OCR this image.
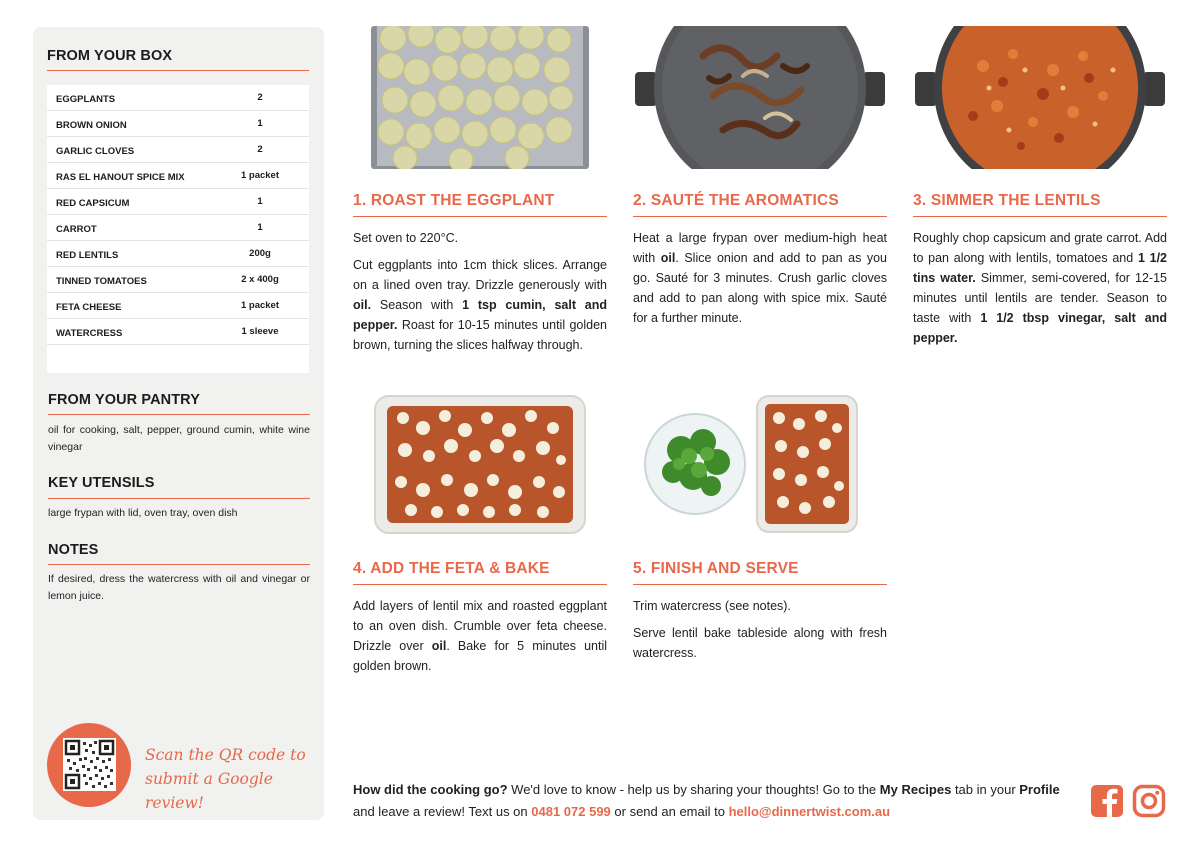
FROM YOUR BOX
EGGPLANTS	2
BROWN ONION	1
GARLIC CLOVES	2
RAS EL HANOUT SPICE MIX	1 packet
RED CAPSICUM	1
CARROT	1
RED LENTILS	200g
TINNED TOMATOES	2 x 400g
FETA CHEESE	1 packet
WATERCRESS	1 sleeve
FROM YOUR PANTRY
oil for cooking, salt, pepper, ground cumin, white wine vinegar
KEY UTENSILS
large frypan with lid, oven tray, oven dish
NOTES
If desired, dress the watercress with oil and vinegar or lemon juice.
Scan the QR code to
submit a Google review!
1. ROAST THE EGGPLANT

Set oven to 220°C.

Cut eggplants into 1cm thick slices. Arrange on a lined oven tray. Drizzle generously with oil. Season with 1 tsp cumin, salt and pepper. Roast for 10-15 minutes until golden brown, turning the slices halfway through.

2. SAUTÉ THE AROMATICS

Heat a large frypan over medium-high heat with oil. Slice onion and add to pan as you go. Sauté for 3 minutes. Crush garlic cloves and add to pan along with spice mix. Sauté for a further minute.

3. SIMMER THE LENTILS

Roughly chop capsicum and grate carrot. Add to pan along with lentils, tomatoes and 1 1/2 tins water. Simmer, semi-covered, for 12-15 minutes until lentils are tender. Season to taste with 1 1/2 tbsp vinegar, salt and pepper.

4. ADD THE FETA & BAKE

Add layers of lentil mix and roasted eggplant to an oven dish. Crumble over feta cheese. Drizzle over oil. Bake for 5 minutes until golden brown.

5. FINISH AND SERVE

Trim watercress (see notes).

Serve lentil bake tableside along with fresh watercress.

How did the cooking go? We'd love to know - help us by sharing your thoughts! Go to the My Recipes tab in your Profile and leave a review! Text us on 0481 072 599 or send an email to hello@dinnertwist.com.au
